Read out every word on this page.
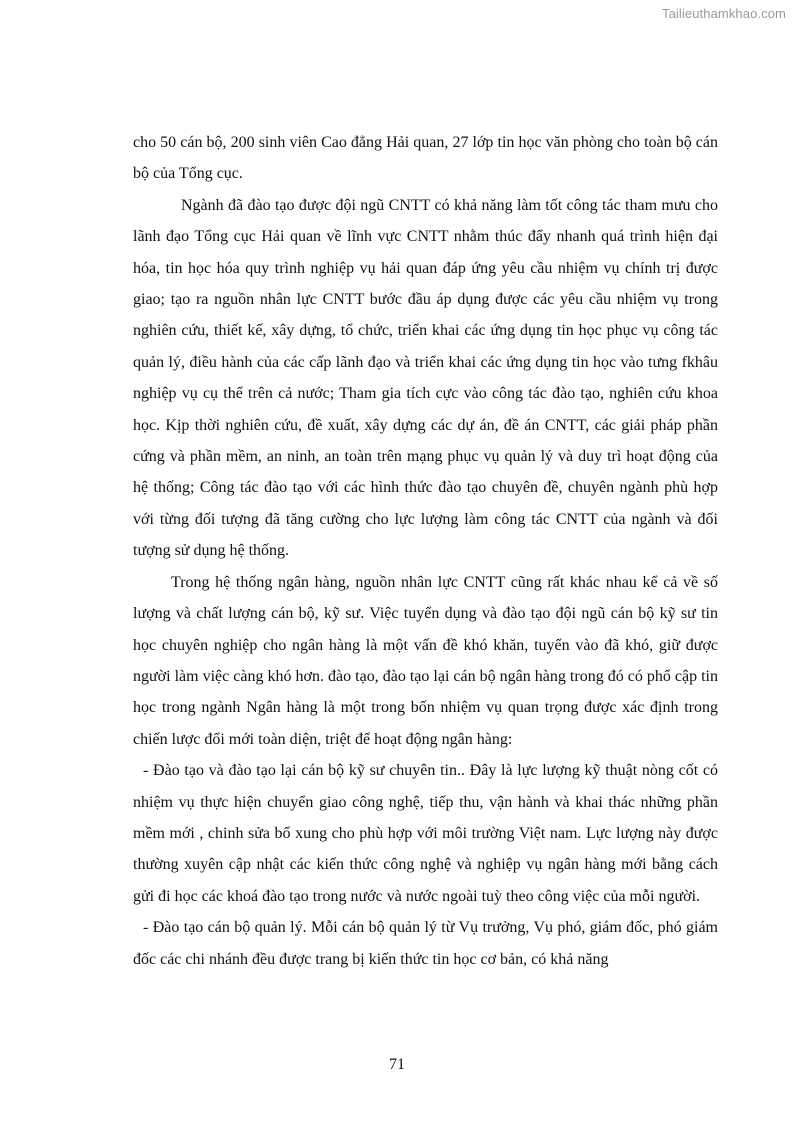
Tailieuthamkhao.com

cho 50 cán bộ, 200 sinh viên Cao đẳng Hải quan, 27 lớp tin học văn phòng cho toàn bộ cán bộ của Tổng cục.

Ngành đã đào tạo được đội ngũ CNTT có khả năng làm tốt công tác tham mưu cho lãnh đạo Tổng cục Hải quan về lĩnh vực CNTT nhằm thúc đẩy nhanh quá trình hiện đại hóa, tin học hóa quy trình nghiệp vụ hải quan đáp ứng yêu cầu nhiệm vụ chính trị được giao; tạo ra nguồn nhân lực CNTT bước đầu áp dụng được các yêu cầu nhiệm vụ trong nghiên cứu, thiết kế, xây dựng, tổ chức, triển khai các ứng dụng tin học phục vụ công tác quản lý, điều hành của các cấp lãnh đạo và triển khai các ứng dụng tin học vào tưng fkhâu nghiệp vụ cụ thể trên cả nước; Tham gia tích cực vào công tác đào tạo, nghiên cứu khoa học. Kịp thời nghiên cứu, đề xuất, xây dựng các dự án, đề án CNTT, các giải pháp phần cứng và phần mềm, an ninh, an toàn trên mạng phục vụ quản lý và duy trì hoạt động của hệ thống; Công tác đào tạo với các hình thức đào tạo chuyên đề, chuyên ngành phù hợp với từng đối tượng đã tăng cường cho lực lượng làm công tác CNTT của ngành và đối tượng sử dụng hệ thống.

Trong hệ thống ngân hàng, nguồn nhân lực CNTT cũng rất khác nhau kể cả về số lượng và chất lượng cán bộ, kỹ sư. Việc tuyển dụng và đào tạo đội ngũ cán bộ kỹ sư tin học chuyên nghiệp cho ngân hàng là một vấn đề khó khăn, tuyển vào đã khó, giữ được người làm việc càng khó hơn. đào tạo, đào tạo lại cán bộ ngân hàng trong đó có phổ cập tin học trong ngành Ngân hàng là một trong bốn nhiệm vụ quan trọng được xác định trong chiến lược đổi mới toàn diện, triệt để hoạt động ngân hàng:

- Đào tạo và đào tạo lại cán bộ kỹ sư chuyên tin.. Đây là lực lượng kỹ thuật nòng cốt có nhiệm vụ thực hiện chuyển giao công nghệ, tiếp thu, vận hành và khai thác những phần mềm mới , chinh sửa bổ xung cho phù hợp với môi trường Việt nam. Lực lượng này được thường xuyên cập nhật các kiến thức công nghệ và nghiệp vụ ngân hàng mới bằng cách gửi đi học các khoá đào tạo trong nước và nước ngoài tuỳ theo công việc của mỗi người.

- Đào tạo cán bộ quản lý. Mỗi cán bộ quản lý từ Vụ trưởng, Vụ phó, giám đốc, phó giám đốc các chi nhánh đều được trang bị kiến thức tin học cơ bản, có khả năng

71
